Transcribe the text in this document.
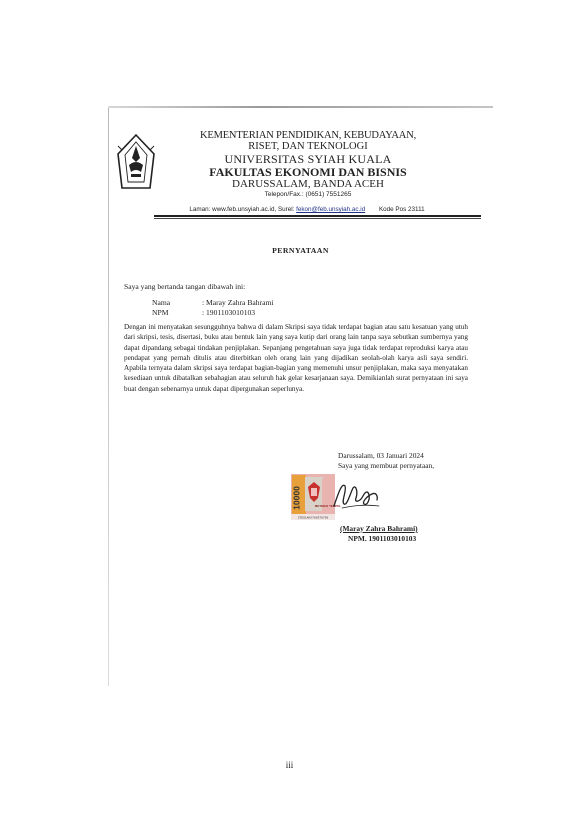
KEMENTERIAN PENDIDIKAN, KEBUDAYAAN,
RISET, DAN TEKNOLOGI
UNIVERSITAS SYIAH KUALA
FAKULTAS EKONOMI DAN BISNIS
DARUSSALAM, BANDA ACEH
Telepon/Fax.: (0651) 7551265
Laman: www.feb.unsyiah.ac.id, Surel: fekon@feb.unsyiah.ac.id Kode Pos 23111
PERNYATAAN
Saya yang bertanda tangan dibawah ini:
Nama	: Maray Zahra Bahrami
NPM	: 1901103010103
Dengan ini menyatakan sesungguhnya bahwa di dalam Skripsi saya tidak terdapat bagian atau satu kesatuan yang utuh dari skripsi, tesis, disertasi, buku atau bentuk lain yang saya kutip dari orang lain tanpa saya sebutkan sumbernya yang dapat dipandang sebagai tindakan penjiplakan. Sepanjang pengetahuan saya juga tidak terdapat reproduksi karya atau pendapat yang pernah ditulis atau diterbitkan oleh orang lain yang dijadikan seolah-olah karya asli saya sendiri. Apabila ternyata dalam skripsi saya terdapat bagian-bagian yang memenuhi unsur penjiplakan, maka saya menyatakan kesediaan untuk dibatalkan sebahagian atau seluruh hak gelar kesarjanaan saya. Demikianlah surat pernyataan ini saya buat dengan sebenarnya untuk dapat dipergunakan seperlunya.
Darussalam, 03 Januari 2024
Saya yang membuat pernyataan,
10000	METERAI TEMPEL
27E01AKX780378756
(Maray Zahra Bahrami)
NPM. 1901103010103
iii
